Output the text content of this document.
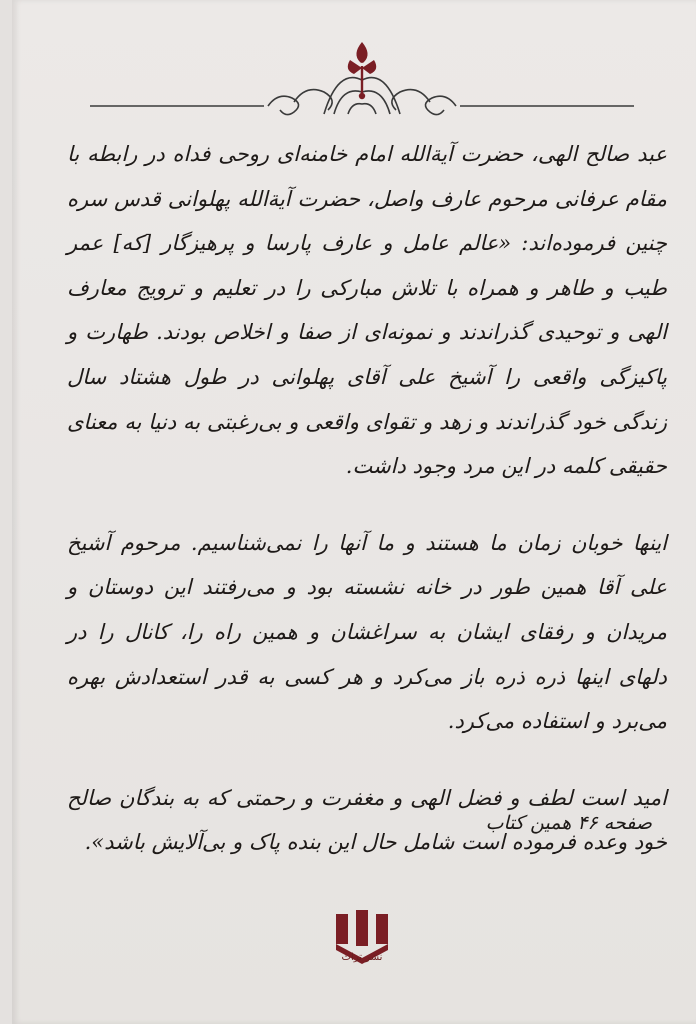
عبد صالح الهی، حضرت آیة‌الله امام خامنه‌ای روحی فداه در رابطه با مقام عرفانی مرحوم عارف واصل، حضرت آیة‌الله پهلوانی قدس سره چنین فرموده‌اند: «عالم عامل و عارف پارسا و پرهیزگار [که] عمر طیب و طاهر و همراه با تلاش مبارکی را در تعلیم و ترویج معارف الهی و توحیدی گذراندند و نمونه‌ای از صفا و اخلاص بودند. طهارت و پاکیزگی واقعی را آشیخ علی آقای پهلوانی در طول هشتاد سال زندگی خود گذراندند و زهد و تقوای واقعی و بی‌رغبتی به دنیا به معنای حقیقی کلمه در این مرد وجود داشت.

اینها خوبان زمان ما هستند و ما آنها را نمی‌شناسیم. مرحوم آشیخ علی آقا همین طور در خانه نشسته بود و می‌رفتند این دوستان و مریدان و رفقای ایشان به سراغشان و همین راه را، کانال را در دلهای اینها ذره ذره باز می‌کرد و هر کسی به قدر استعدادش بهره می‌برد و استفاده می‌کرد.

امید است لطف و فضل الهی و مغفرت و رحمتی که به بندگان صالح خود وعده فرموده است شامل حال این بنده پاک و بی‌آلایش باشد».

صفحه ۴۶ همین کتاب
نشر تراث
